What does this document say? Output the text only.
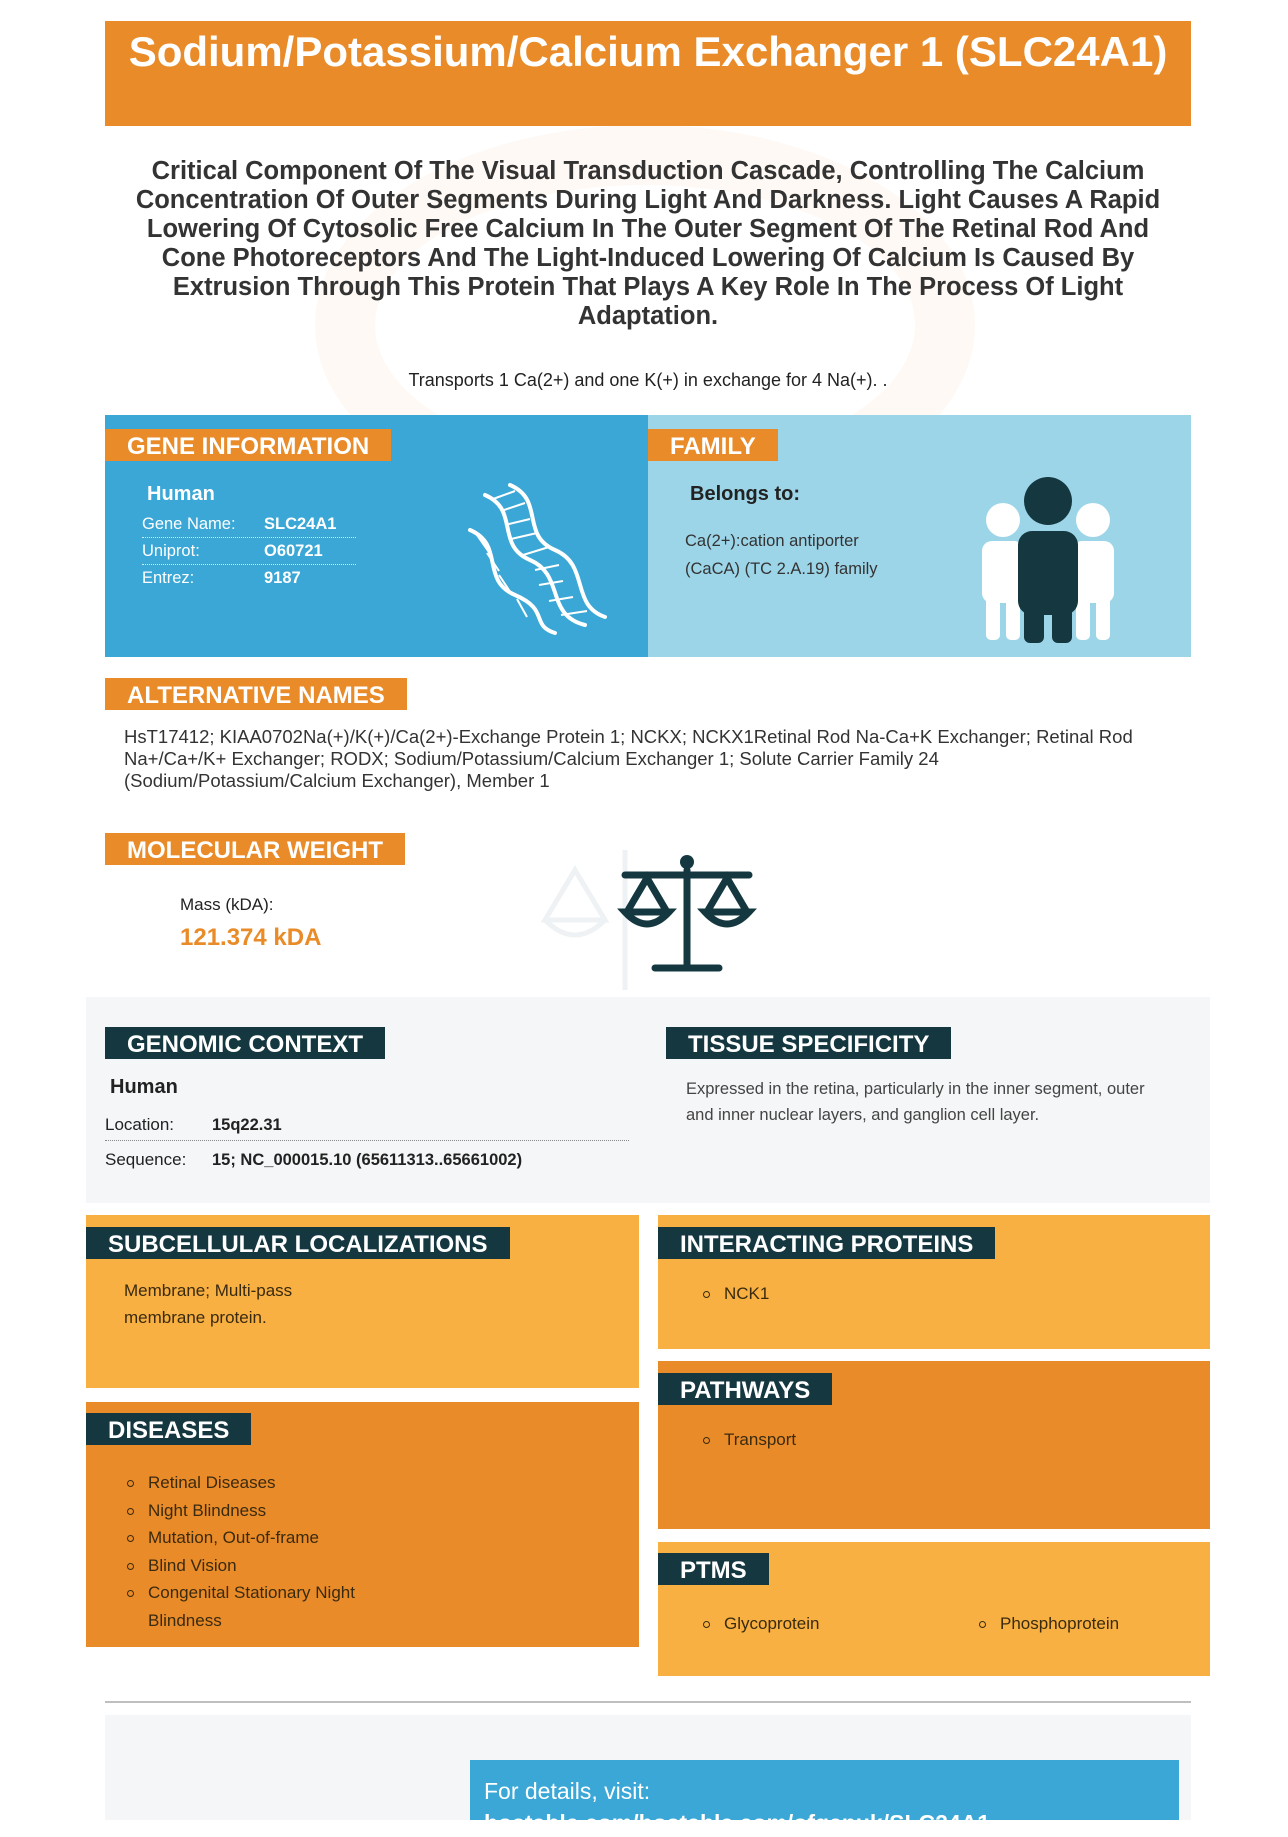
Sodium/Potassium/Calcium Exchanger 1 (SLC24A1)
Critical Component Of The Visual Transduction Cascade, Controlling The Calcium Concentration Of Outer Segments During Light And Darkness. Light Causes A Rapid Lowering Of Cytosolic Free Calcium In The Outer Segment Of The Retinal Rod And Cone Photoreceptors And The Light-Induced Lowering Of Calcium Is Caused By Extrusion Through This Protein That Plays A Key Role In The Process Of Light Adaptation.
Transports 1 Ca(2+) and one K(+) in exchange for 4 Na(+). .
Human
Gene Name: SLC24A1
Uniprot:	O60721
Entrez:	9187
GENE INFORMATION
Belongs to:
Ca(2+):cation antiporter (CaCA) (TC 2.A.19) family
FAMILY
ALTERNATIVE NAMES
HsT17412; KIAA0702Na(+)/K(+)/Ca(2+)-Exchange Protein 1; NCKX; NCKX1Retinal Rod Na-Ca+K Exchanger; Retinal Rod Na+/Ca+/K+ Exchanger; RODX; Sodium/Potassium/Calcium Exchanger 1; Solute Carrier Family 24 (Sodium/Potassium/Calcium Exchanger), Member 1
MOLECULAR WEIGHT
Mass (kDA):
121.374 kDA
GENOMIC CONTEXT
Human
Location: 15q22.31
Sequence: 15; NC_000015.10 (65611313..65661002)
TISSUE SPECIFICITY
Expressed in the retina, particularly in the inner segment, outer and inner nuclear layers, and ganglion cell layer.
Membrane; Multi-pass membrane protein.
SUBCELLULAR LOCALIZATIONS
Retinal Diseases
Night Blindness
Mutation, Out-of-frame
Blind Vision
Congenital Stationary Night Blindness
DISEASES
NCK1
INTERACTING PROTEINS
Transport
PATHWAYS
Glycoprotein	Phosphoprotein
PTMS
For details, visit:
hostable.com/hostable.com/ofgenuk/SLC24A1
